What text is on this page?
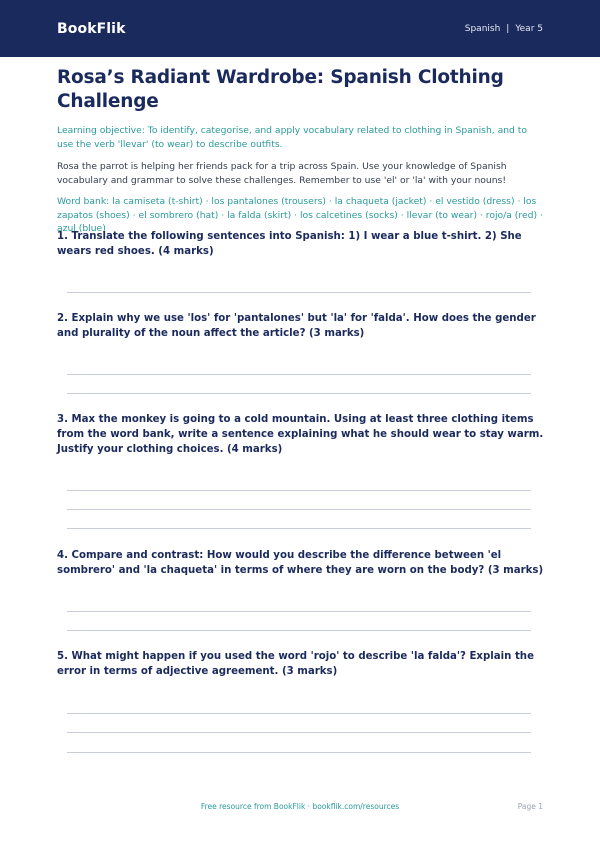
BookFlik	Spanish | Year 5
Rosa’s Radiant Wardrobe: Spanish Clothing Challenge
Learning objective: To identify, categorise, and apply vocabulary related to clothing in Spanish, and to use the verb 'llevar' (to wear) to describe outfits.
Rosa the parrot is helping her friends pack for a trip across Spain. Use your knowledge of Spanish vocabulary and grammar to solve these challenges. Remember to use 'el' or 'la' with your nouns!
Word bank: la camiseta (t-shirt) · los pantalones (trousers) · la chaqueta (jacket) · el vestido (dress) · los zapatos (shoes) · el sombrero (hat) · la falda (skirt) · los calcetines (socks) · llevar (to wear) · rojo/a (red) · azul (blue)
1. Translate the following sentences into Spanish: 1) I wear a blue t-shirt. 2) She wears red shoes. (4 marks)
2. Explain why we use 'los' for 'pantalones' but 'la' for 'falda'. How does the gender and plurality of the noun affect the article? (3 marks)
3. Max the monkey is going to a cold mountain. Using at least three clothing items from the word bank, write a sentence explaining what he should wear to stay warm. Justify your clothing choices. (4 marks)
4. Compare and contrast: How would you describe the difference between 'el sombrero' and 'la chaqueta' in terms of where they are worn on the body? (3 marks)
5. What might happen if you used the word 'rojo' to describe 'la falda'? Explain the error in terms of adjective agreement. (3 marks)
Free resource from BookFlik · bookflik.com/resources	Page 1
